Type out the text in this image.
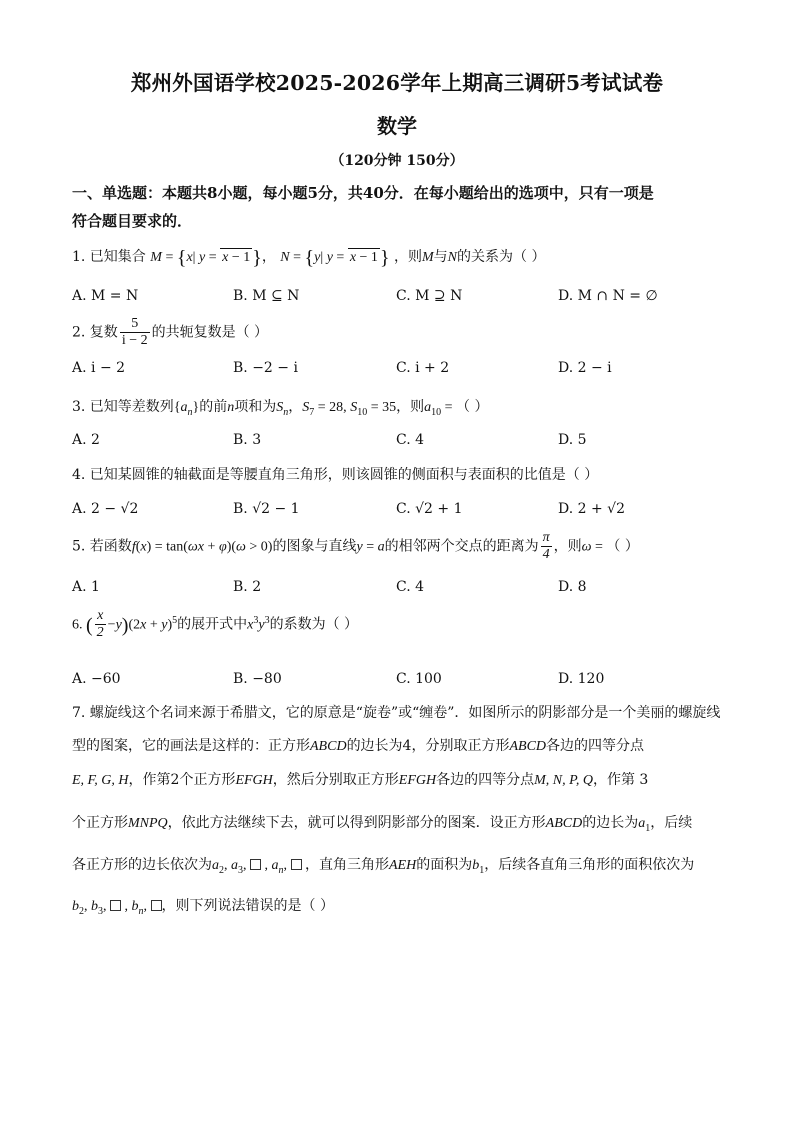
郑州外国语学校2025-2026学年上期高三调研5考试试卷
数学
（120分钟 150分）
一、单选题：本题共8小题，每小题5分，共40分．在每小题给出的选项中，只有一项是
符合题目要求的．
1. 已知集合 M = {x| y = x − 1 }， N = {y| y = x − 1 } ，则M与N的关系为（ ）
A. M = N	B. M ⊆ N	C. M ⊇ N	D. M ∩ N = ∅
2. 复数 $\frac{5}{i - 2}$ 的共轭复数是（ ）
A. i − 2	B. −2 − i	C. i + 2	D. 2 − i
3. 已知等差数列$\{a_n\}$的前n项和为$S_n$，$S_7 = 28$, $S_{10} = 35$，则$a_{10}$ = （ ）
A. 2	B. 3	C. 4	D. 5
4. 已知某圆锥的轴截面是等腰直角三角形，则该圆锥的侧面积与表面积的比值是（ ）
A. 2 − √2	B. √2 − 1	C. √2 + 1	D. 2 + √2
5. 若函数f(x) = tan(ωx + φ)(ω > 0)的图象与直线y = a的相邻两个交点的距离为 $\frac{\pi}{4}$ ，则ω = （ ）
A. 1	B. 2	C. 4	D. 8
6. ( $\frac{x}{2} -y)(2x + y)^5$的展开式中$x^3y^3$的系数为（ ）
A. −60	B. −80	C. 100	D. 120
7. 螺旋线这个名词来源于希腊文，它的原意是“旋卷”或“缠卷”．如图所示的阴影部分是一个美丽的螺旋线
型的图案，它的画法是这样的：正方形ABCD的边长为4，分别取正方形ABCD各边的四等分点
E, F, G, H，作第2个正方形EFGH，然后分别取正方形EFGH各边的四等分点M, N, P, Q，作第 3
个正方形MNPQ，依此方法继续下去，就可以得到阴影部分的图案．设正方形ABCD的边长为$a_1$，后续
各正方形的边长依次为$a_2$, $a_3$,  , $a_n$,  ，直角三角形AEH的面积为$b_1$，后续各直角三角形的面积依次为
$b_2$, $b_3$,  , $b_n$, ，则下列说法错误的是（ ）
